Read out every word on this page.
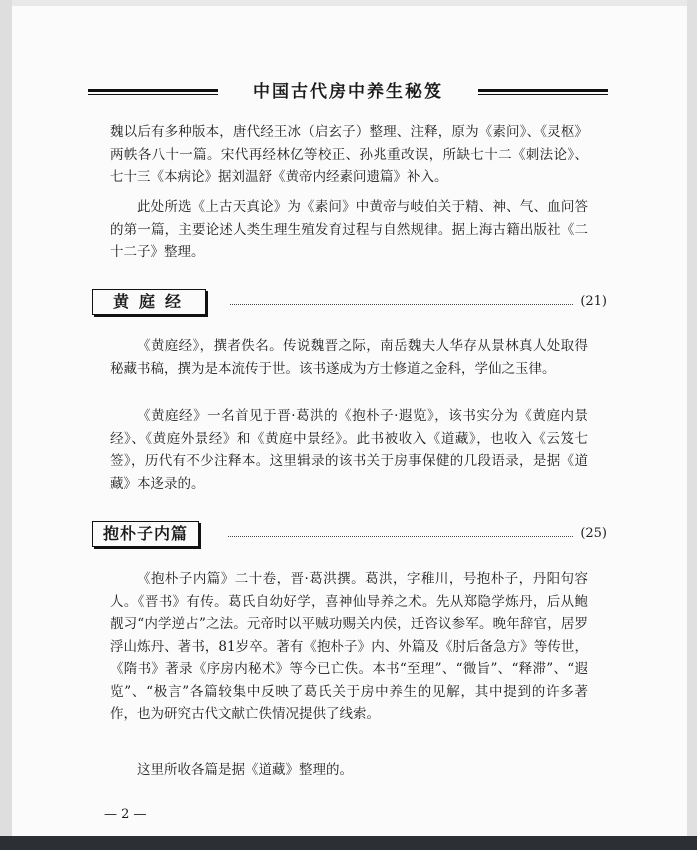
中国古代房中养生秘笈

魏以后有多种版本，唐代经王冰（启玄子）整理、注释，原为《素问》、《灵枢》两帙各八十一篇。宋代再经林亿等校正、孙兆重改误，所缺七十二《刺法论》、七十三《本病论》据刘温舒《黄帝内经素问遗篇》补入。

此处所选《上古天真论》为《素问》中黄帝与岐伯关于精、神、气、血问答的第一篇，主要论述人类生理生殖发育过程与自然规律。据上海古籍出版社《二十二子》整理。

黄庭经	(21)

《黄庭经》，撰者佚名。传说魏晋之际，南岳魏夫人华存从景林真人处取得秘藏书稿，撰为是本流传于世。该书遂成为方士修道之金科，学仙之玉律。

《黄庭经》一名首见于晋·葛洪的《抱朴子·遐览》，该书实分为《黄庭内景经》、《黄庭外景经》和《黄庭中景经》。此书被收入《道藏》，也收入《云笈七签》，历代有不少注释本。这里辑录的该书关于房事保健的几段语录，是据《道藏》本迻录的。

抱朴子内篇	(25)

《抱朴子内篇》二十卷，晋·葛洪撰。葛洪，字稚川，号抱朴子，丹阳句容人。《晋书》有传。葛氏自幼好学，喜神仙导养之术。先从郑隐学炼丹，后从鲍靓习“内学逆占”之法。元帝时以平贼功赐关内侯，迁咨议参军。晚年辞官，居罗浮山炼丹、著书，81岁卒。著有《抱朴子》内、外篇及《肘后备急方》等传世，《隋书》著录《序房内秘术》等今已亡佚。本书“至理”、“微旨”、“释滞”、“遐览”、“极言”各篇较集中反映了葛氏关于房中养生的见解，其中提到的许多著作，也为研究古代文献亡佚情况提供了线索。

这里所收各篇是据《道藏》整理的。

— 2 —
